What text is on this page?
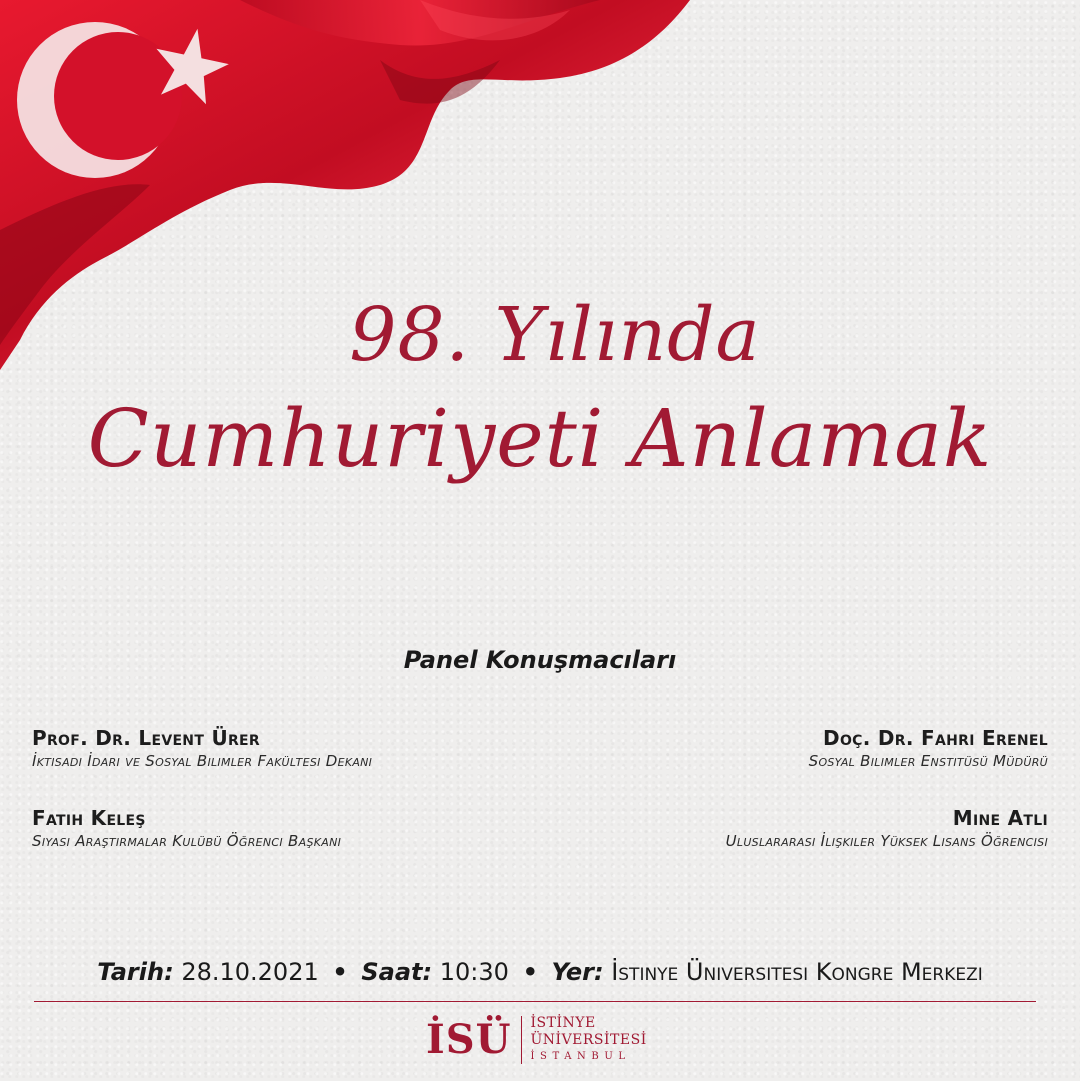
98. Yılında
Cumhuriyeti Anlamak
Panel Konuşmacıları
Prof. Dr. Levent Ürer
İktisadi İdari ve Sosyal Bilimler Fakültesi Dekanı
Doç. Dr. Fahri Erenel
Sosyal Bilimler Enstitüsü Müdürü
Fatih Keleş
Siyasi Araştırmalar Kulübü Öğrenci Başkanı
Mine Atlı
Uluslararası İlişkiler Yüksek Lisans Öğrencisi
Tarih: 28.10.2021 • Saat: 10:30 • Yer: İstinye Üniversitesi Kongre Merkezi
İSÜ İSTİNYE
ÜNİVERSİTESİ
İSTANBUL
